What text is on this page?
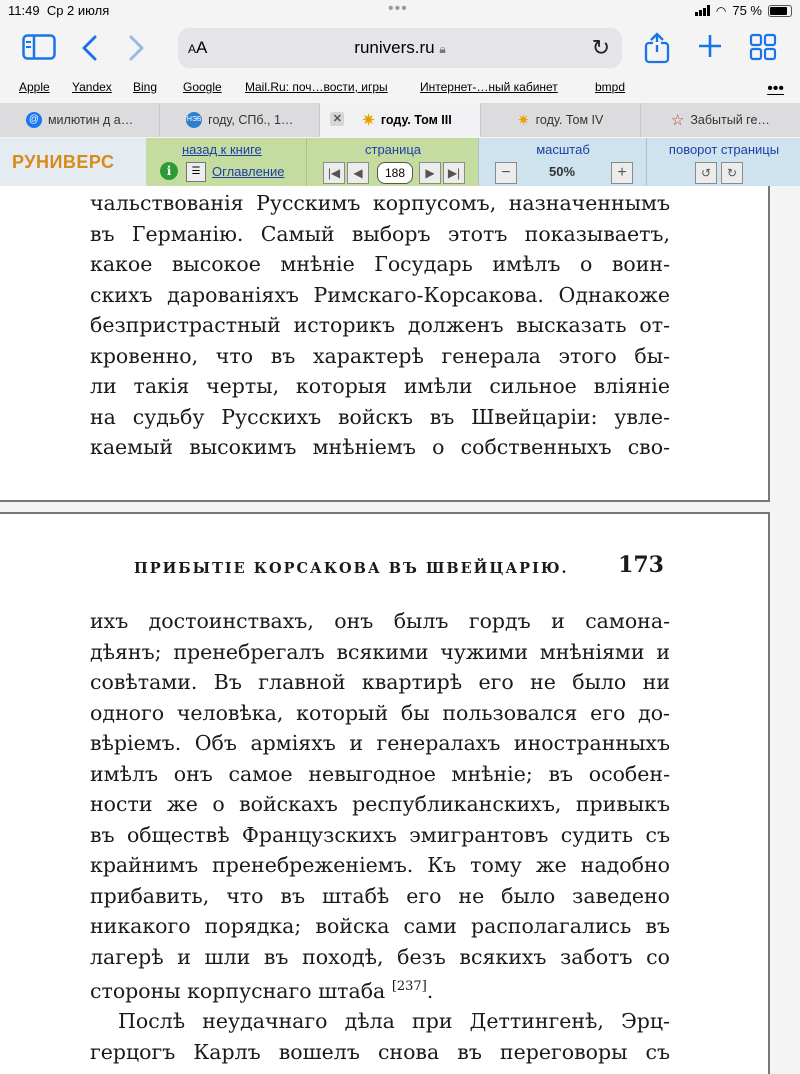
11:49 Ср 2 июля	•••	◠ 75 %
AA	runivers.ru 🔒︎	↻
Apple Yandex Bing Google Mail.Ru: поч…вости, игры	Интернет-…ный кабинет	bmpd	•••
@ милютин д а…	НЭБ году, СПб., 1…	✕ ✷ году. Том III	✷ году. Том IV	☆ Забытый ге…
РУНИВЕРС
назад к книге
i	☰ Оглавление
страница
|◀	◀	188	▶	▶|
масштаб
−	50%	+
поворот страницы
↺	↻
чальствованія Русскимъ корпусомъ, назначеннымъ
въ Германію. Самый выборъ этотъ показываетъ,
какое высокое мнѣніе Государь имѣлъ о воин-
скихъ дарованіяхъ Римскаго-Корсакова. Однакоже
безпристрастный историкъ долженъ высказать от-
кровенно, что въ характерѣ генерала этого бы-
ли такія черты, которыя имѣли сильное вліяніе
на судьбу Русскихъ войскъ въ Швейцаріи: увле-
каемый высокимъ мнѣніемъ о собственныхъ сво-
ПРИБЫТІЕ КОРСАКОВА ВЪ ШВЕЙЦАРІЮ. 173
ихъ достоинствахъ, онъ былъ гордъ и самона-
дѣянъ; пренебрегалъ всякими чужими мнѣніями и
совѣтами. Въ главной квартирѣ его не было ни
одного человѣка, который бы пользовался его до-
вѣріемъ. Объ арміяхъ и генералахъ иностранныхъ
имѣлъ онъ самое невыгодное мнѣніе; въ особен-
ности же о войскахъ республиканскихъ, привыкъ
въ обществѣ Французскихъ эмигрантовъ судить съ
крайнимъ пренебреженіемъ. Къ тому же надобно
прибавить, что въ штабѣ его не было заведено
никакого порядка; войска сами располагались въ
лагерѣ и шли въ походѣ, безъ всякихъ заботъ со
стороны корпуснаго штаба [237].
Послѣ неудачнаго дѣла при Деттингенѣ, Эрц-
герцогъ Карлъ вошелъ снова въ переговоры съ
